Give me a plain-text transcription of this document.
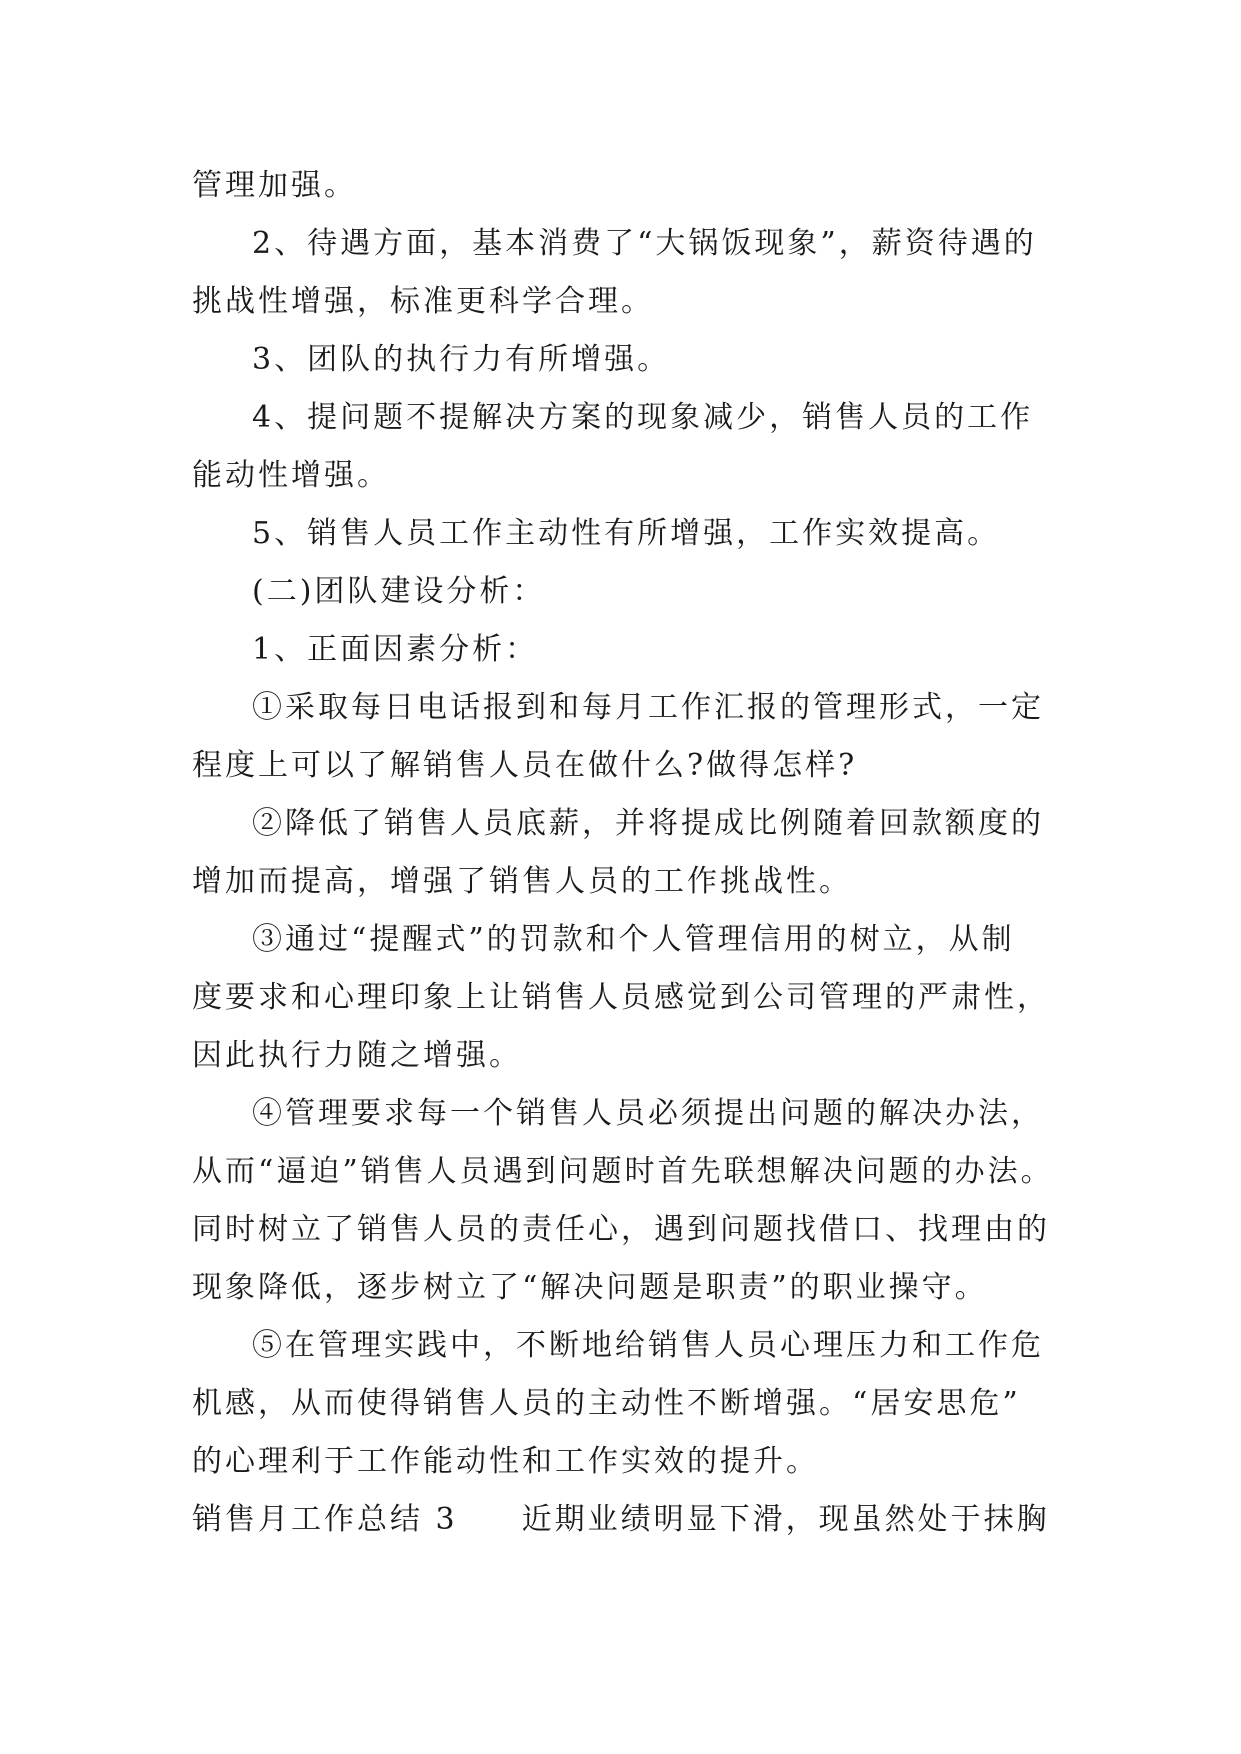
管理加强。

2、待遇方面，基本消费了“大锅饭现象”，薪资待遇的

挑战性增强，标准更科学合理。

3、团队的执行力有所增强。

4、提问题不提解决方案的现象减少，销售人员的工作

能动性增强。

5、销售人员工作主动性有所增强，工作实效提高。

(二)团队建设分析：

1、正面因素分析：

①采取每日电话报到和每月工作汇报的管理形式，一定

程度上可以了解销售人员在做什么?做得怎样?

②降低了销售人员底薪，并将提成比例随着回款额度的

增加而提高，增强了销售人员的工作挑战性。

③通过“提醒式”的罚款和个人管理信用的树立，从制

度要求和心理印象上让销售人员感觉到公司管理的严肃性，

因此执行力随之增强。

④管理要求每一个销售人员必须提出问题的解决办法，

从而“逼迫”销售人员遇到问题时首先联想解决问题的办法。

同时树立了销售人员的责任心，遇到问题找借口、找理由的

现象降低，逐步树立了“解决问题是职责”的职业操守。

⑤在管理实践中，不断地给销售人员心理压力和工作危

机感，从而使得销售人员的主动性不断增强。“居安思危”

的心理利于工作能动性和工作实效的提升。

销售月工作总结 3 近期业绩明显下滑，现虽然处于抹胸
